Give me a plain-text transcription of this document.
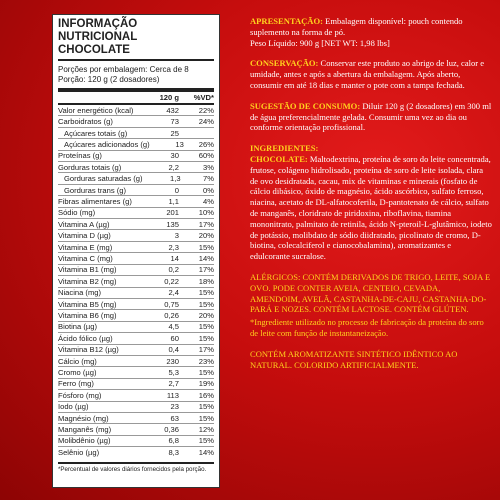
INFORMAÇÃO NUTRICIONAL
CHOCOLATE
Porções por embalagem: Cerca de 8
Porção: 120 g (2 dosadores)
120 g	%VD*
Valor energético (kcal)	432	22%
Carboidratos (g)	73	24%
Açúcares totais (g)	25
Açúcares adicionados (g)	13	26%
Proteínas (g)	30	60%
Gorduras totais (g)	2,2	3%
Gorduras saturadas (g)	1,3	7%
Gorduras trans (g)	0	0%
Fibras alimentares (g)	1,1	4%
Sódio (mg)	201	10%
Vitamina A (µg)	135	17%
Vitamina D (µg)	3	20%
Vitamina E (mg)	2,3	15%
Vitamina C (mg)	14	14%
Vitamina B1 (mg)	0,2	17%
Vitamina B2 (mg)	0,22	18%
Niacina (mg)	2,4	15%
Vitamina B5 (mg)	0,75	15%
Vitamina B6 (mg)	0,26	20%
Biotina (µg)	4,5	15%
Ácido fólico (µg)	60	15%
Vitamina B12 (µg)	0,4	17%
Cálcio (mg)	230	23%
Cromo (µg)	5,3	15%
Ferro (mg)	2,7	19%
Fósforo (mg)	113	16%
Iodo (µg)	23	15%
Magnésio (mg)	63	15%
Manganês (mg)	0,36	12%
Molibdênio (µg)	6,8	15%
Selênio (µg)	8,3	14%
*Percentual de valores diários fornecidos pela porção.
APRESENTAÇÃO: Embalagem disponível: pouch contendo suplemento na forma de pó.
Peso Líquido: 900 g [NET WT: 1,98 lbs]
CONSERVAÇÃO: Conservar este produto ao abrigo de luz, calor e umidade, antes e após a abertura da embalagem. Após aberto, consumir em até 18 dias e manter o pote com a tampa fechada.
SUGESTÃO DE CONSUMO: Diluir 120 g (2 dosadores) em 300 ml de água preferencialmente gelada. Consumir uma vez ao dia ou conforme orientação profissional.
INGREDIENTES:
CHOCOLATE: Maltodextrina, proteína de soro do leite concentrada, frutose, colágeno hidrolisado, proteína de soro de leite isolada, clara de ovo desidratada, cacau, mix de vitaminas e minerais (fosfato de cálcio dibásico, óxido de magnésio, ácido ascórbico, sulfato ferroso, niacina, acetato de DL-alfatocoferila, D-pantotenato de cálcio, sulfato de manganês, cloridrato de piridoxina, riboflavina, tiamina mononitrato, palmitato de retinila, ácido N-pteroil-L-glutâmico, iodeto de potássio, molibdato de sódio diidratado, picolinato de cromo, D-biotina, colecalciferol e cianocobalamina), aromatizantes e edulcorante sucralose.
ALÉRGICOS: CONTÉM DERIVADOS DE TRIGO, LEITE, SOJA E OVO. PODE CONTER AVEIA, CENTEIO, CEVADA, AMENDOIM, AVELÃ, CASTANHA-DE-CAJU, CASTANHA-DO-PARÁ E NOZES. CONTÉM LACTOSE. CONTÉM GLÚTEN.
*Ingrediente utilizado no processo de fabricação da proteína do soro de leite com função de instantaneização.
CONTÉM AROMATIZANTE SINTÉTICO IDÊNTICO AO NATURAL. COLORIDO ARTIFICIALMENTE.
